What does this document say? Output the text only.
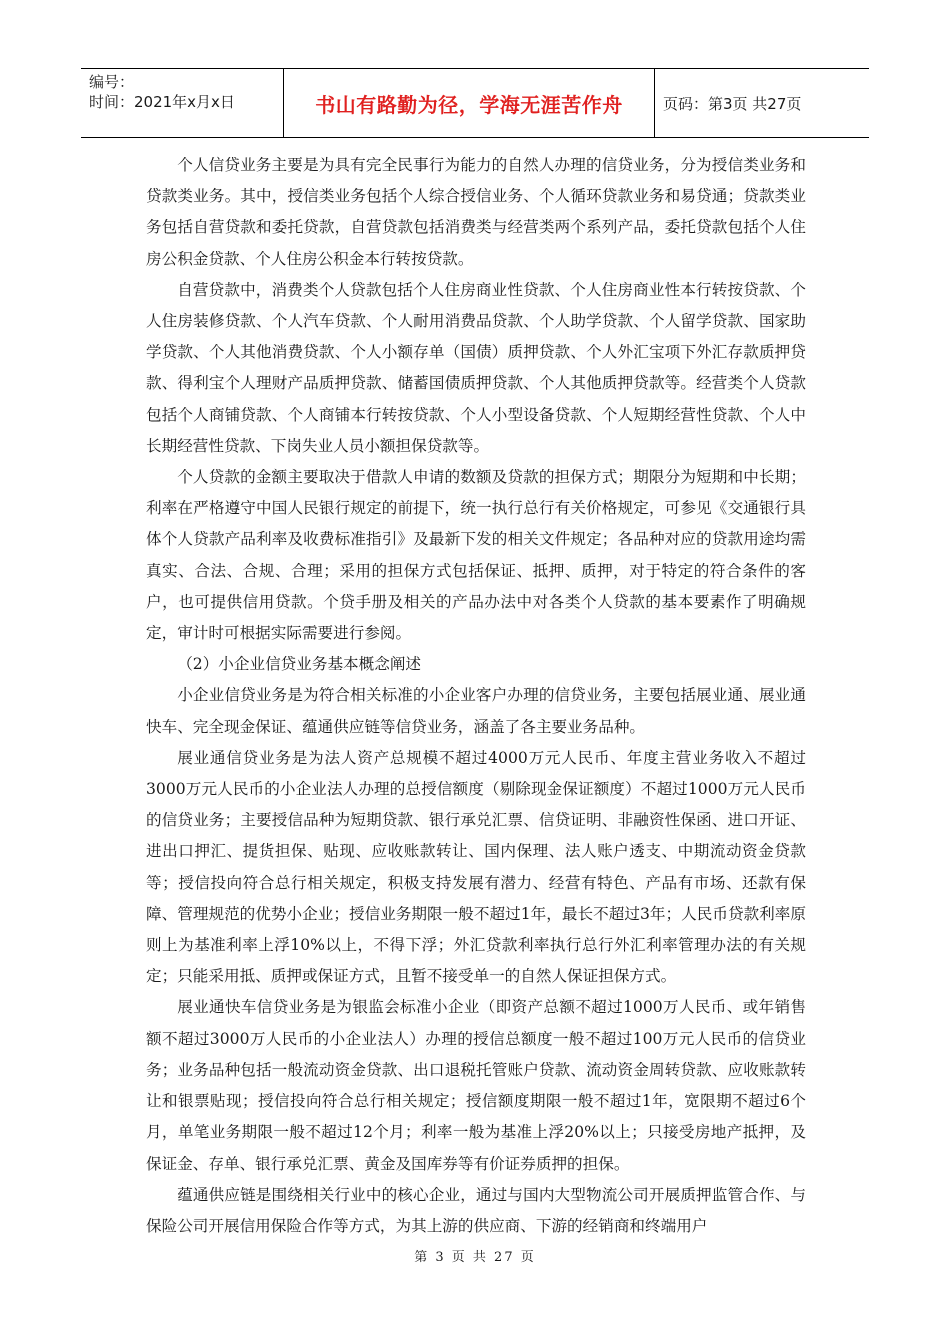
编号：
时间：2021年x月x日	书山有路勤为径，学海无涯苦作舟	页码：第3页 共27页

个人信贷业务主要是为具有完全民事行为能力的自然人办理的信贷业务，分为授信类业务和贷款类业务。其中，授信类业务包括个人综合授信业务、个人循环贷款业务和易贷通；贷款类业务包括自营贷款和委托贷款，自营贷款包括消费类与经营类两个系列产品，委托贷款包括个人住房公积金贷款、个人住房公积金本行转按贷款。

自营贷款中，消费类个人贷款包括个人住房商业性贷款、个人住房商业性本行转按贷款、个人住房装修贷款、个人汽车贷款、个人耐用消费品贷款、个人助学贷款、个人留学贷款、国家助学贷款、个人其他消费贷款、个人小额存单（国债）质押贷款、个人外汇宝项下外汇存款质押贷款、得利宝个人理财产品质押贷款、储蓄国债质押贷款、个人其他质押贷款等。经营类个人贷款包括个人商铺贷款、个人商铺本行转按贷款、个人小型设备贷款、个人短期经营性贷款、个人中长期经营性贷款、下岗失业人员小额担保贷款等。

个人贷款的金额主要取决于借款人申请的数额及贷款的担保方式；期限分为短期和中长期；利率在严格遵守中国人民银行规定的前提下，统一执行总行有关价格规定，可参见《交通银行具体个人贷款产品利率及收费标准指引》及最新下发的相关文件规定；各品种对应的贷款用途均需真实、合法、合规、合理；采用的担保方式包括保证、抵押、质押，对于特定的符合条件的客户，也可提供信用贷款。个贷手册及相关的产品办法中对各类个人贷款的基本要素作了明确规定，审计时可根据实际需要进行参阅。

（2）小企业信贷业务基本概念阐述

小企业信贷业务是为符合相关标准的小企业客户办理的信贷业务，主要包括展业通、展业通快车、完全现金保证、蕴通供应链等信贷业务，涵盖了各主要业务品种。

展业通信贷业务是为法人资产总规模不超过4000万元人民币、年度主营业务收入不超过3000万元人民币的小企业法人办理的总授信额度（剔除现金保证额度）不超过1000万元人民币的信贷业务；主要授信品种为短期贷款、银行承兑汇票、信贷证明、非融资性保函、进口开证、进出口押汇、提货担保、贴现、应收账款转让、国内保理、法人账户透支、中期流动资金贷款等；授信投向符合总行相关规定，积极支持发展有潜力、经营有特色、产品有市场、还款有保障、管理规范的优势小企业；授信业务期限一般不超过1年，最长不超过3年；人民币贷款利率原则上为基准利率上浮10%以上，不得下浮；外汇贷款利率执行总行外汇利率管理办法的有关规定；只能采用抵、质押或保证方式，且暂不接受单一的自然人保证担保方式。

展业通快车信贷业务是为银监会标准小企业（即资产总额不超过1000万人民币、或年销售额不超过3000万人民币的小企业法人）办理的授信总额度一般不超过100万元人民币的信贷业务；业务品种包括一般流动资金贷款、出口退税托管账户贷款、流动资金周转贷款、应收账款转让和银票贴现；授信投向符合总行相关规定；授信额度期限一般不超过1年，宽限期不超过6个月，单笔业务期限一般不超过12个月；利率一般为基准上浮20%以上；只接受房地产抵押，及保证金、存单、银行承兑汇票、黄金及国库券等有价证券质押的担保。

蕴通供应链是围绕相关行业中的核心企业，通过与国内大型物流公司开展质押监管合作、与保险公司开展信用保险合作等方式，为其上游的供应商、下游的经销商和终端用户

第 3 页 共 27 页
